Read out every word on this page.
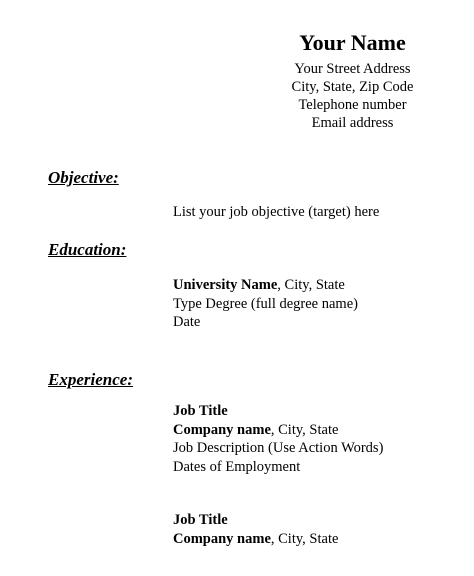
Your Name
Your Street Address
City, State, Zip Code
Telephone number
Email address
Objective:
List your job objective (target) here
Education:
University Name, City, State
Type Degree (full degree name)
Date
Experience:
Job Title
Company name, City, State
Job Description (Use Action Words)
Dates of Employment
Job Title
Company name, City, State
